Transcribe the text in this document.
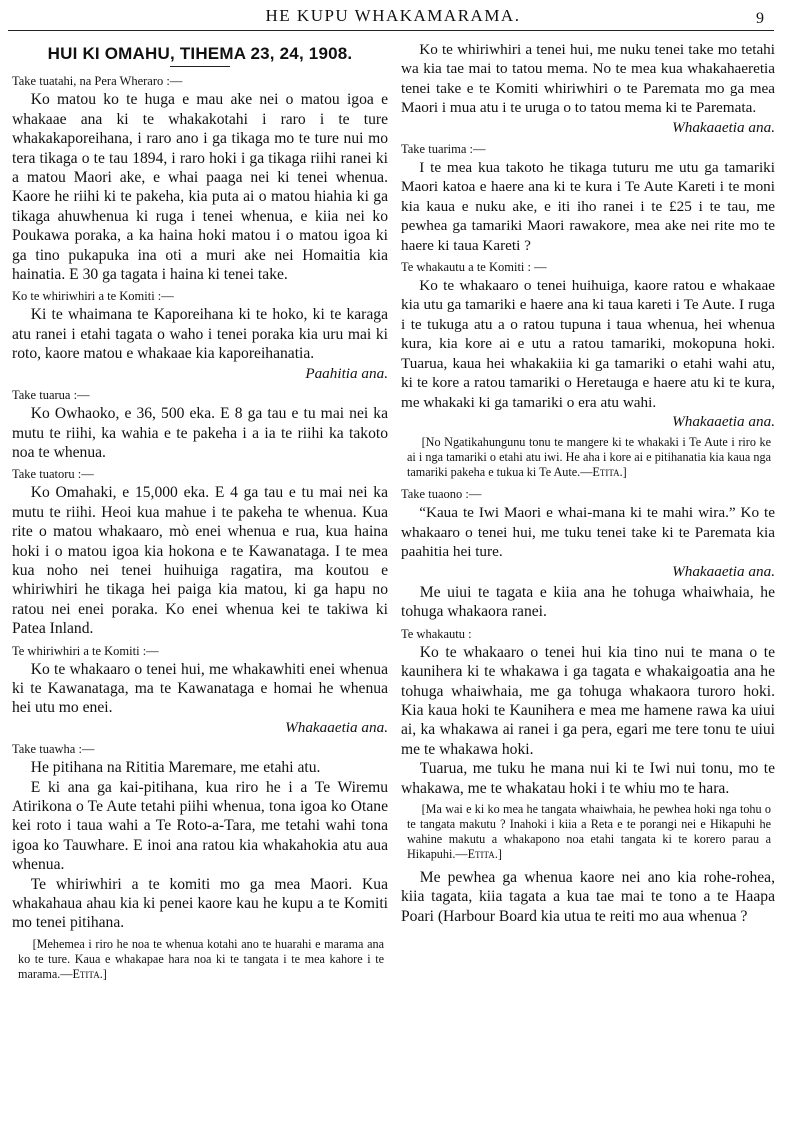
HE KUPU WHAKAMARAMA.	9
HUI KI OMAHU, TIHEMA 23, 24, 1908.
Take tuatahi, na Pera Wheraro :—

Ko matou ko te huga e mau ake nei o matou igoa e whakaae ana ki te whakakotahi i raro i te ture whakakaporeihana, i raro ano i ga tikaga mo te ture nui mo tera tikaga o te tau 1894, i raro hoki i ga tikaga riihi ranei ki a matou Maori ake, e whai paaga nei ki tenei whenua. Kaore he riihi ki te pakeha, kia puta ai o matou hiahia ki ga tikaga ahuwhenua ki ruga i tenei whenua, e kiia nei ko Poukawa poraka, a ka haina hoki matou i o matou igoa ki ga tino pukapuka ina oti a muri ake nei Homaitia kia hainatia. E 30 ga tagata i haina ki tenei take.

Ko te whiriwhiri a te Komiti :—

Ki te whaimana te Kaporeihana ki te hoko, ki te karaga atu ranei i etahi tagata o waho i tenei poraka kia uru mai ki roto, kaore matou e whakaae kia kaporeihanatia.

Paahitia ana.
Take tuarua :—

Ko Owhaoko, e 36, 500 eka. E 8 ga tau e tu mai nei ka mutu te riihi, ka wahia e te pakeha i a ia te riihi ka takoto noa te whenua.

Take tuatoru :—

Ko Omahaki, e 15,000 eka. E 4 ga tau e tu mai nei ka mutu te riihi. Heoi kua mahue i te pakeha te whenua. Kua rite o matou whakaaro, mò enei whenua e rua, kua haina hoki i o matou igoa kia hokona e te Kawanataga. I te mea kua noho nei tenei huihuiga ragatira, ma koutou e whiriwhiri he tikaga hei paiga kia matou, ki ga hapu no ratou nei enei poraka. Ko enei whenua kei te takiwa ki Patea Inland.

Te whiriwhiri a te Komiti :—

Ko te whakaaro o tenei hui, me whakawhiti enei whenua ki te Kawanataga, ma te Kawanataga e homai he whenua hei utu mo enei.

Whakaaetia ana.
Take tuawha :—

He pitihana na Rititia Maremare, me etahi atu.

E ki ana ga kai-pitihana, kua riro he i a Te Wiremu Atirikona o Te Aute tetahi piihi whenua, tona igoa ko Otane kei roto i taua wahi a Te Roto-a-Tara, me tetahi wahi tona igoa ko Tauwhare. E inoi ana ratou kia whakahokia atu aua whenua.

Te whiriwhiri a te komiti mo ga mea Maori. Kua whakahaua ahau kia ki penei kaore kau he kupu a te Komiti mo tenei pitihana.

[Mehemea i riro he noa te whenua kotahi ano te huarahi e marama ana ko te ture. Kaua e whakapae hara noa ki te tangata i te mea kahore i te marama.—Etita.]

Ko te whiriwhiri a tenei hui, me nuku tenei take mo tetahi wa kia tae mai to tatou mema. No te mea kua whakahaeretia tenei take e te Komiti whiriwhiri o te Paremata mo ga mea Maori i mua atu i te uruga o to tatou mema ki te Paremata.

Whakaaetia ana.
Take tuarima :—

I te mea kua takoto he tikaga tuturu me utu ga tamariki Maori katoa e haere ana ki te kura i Te Aute Kareti i te moni kia kaua e nuku ake, e iti iho ranei i te £25 i te tau, me pewhea ga tamariki Maori rawakore, mea ake nei rite mo te haere ki taua Kareti ?

Te whakautu a te Komiti : —

Ko te whakaaro o tenei huihuiga, kaore ratou e whakaae kia utu ga tamariki e haere ana ki taua kareti i Te Aute. I ruga i te tukuga atu a o ratou tupuna i taua whenua, hei whenua kura, kia kore ai e utu a ratou tamariki, mokopuna hoki. Tuarua, kaua hei whakakiia ki ga tamariki o etahi wahi atu, ki te kore a ratou tamariki o Heretauga e haere atu ki te kura, me whakaki ki ga tamariki o era atu wahi.

Whakaaetia ana.
[No Ngatikahungunu tonu te mangere ki te whakaki i Te Aute i riro ke ai i nga tamariki o etahi atu iwi. He aha i kore ai e pitihanatia kia kaua nga tamariki pakeha e tukua ki Te Aute.—Etita.]
Take tuaono :—

“Kaua te Iwi Maori e whai-mana ki te mahi wira.” Ko te whakaaro o tenei hui, me tuku tenei take ki te Paremata kia paahitia hei ture.

Whakaaetia ana.

Me uiui te tagata e kiia ana he tohuga whaiwhaia, he tohuga whakaora ranei.

Te whakautu :

Ko te whakaaro o tenei hui kia tino nui te mana o te kaunihera ki te whakawa i ga tagata e whakaigoatia ana he tohuga whaiwhaia, me ga tohuga whakaora turoro hoki. Kia kaua hoki te Kaunihera e mea me hamene rawa ka uiui ai, ka whakawa ai ranei i ga pera, egari me tere tonu te uiui me te whakawa hoki.

Tuarua, me tuku he mana nui ki te Iwi nui tonu, mo te whakawa, me te whakatau hoki i te whiu mo te hara.

[Ma wai e ki ko mea he tangata whaiwhaia, he pewhea hoki nga tohu o te tangata makutu ? Inahoki i kiia a Reta e te porangi nei e Hikapuhi he wahine makutu a whakapono noa etahi tangata ki te korero parau a Hikapuhi.—Etita.]

Me pewhea ga whenua kaore nei ano kia rohe-rohea, kiia tagata, kiia tagata a kua tae mai te tono a te Haapa Poari (Harbour Board kia utua te reiti mo aua whenua ?
